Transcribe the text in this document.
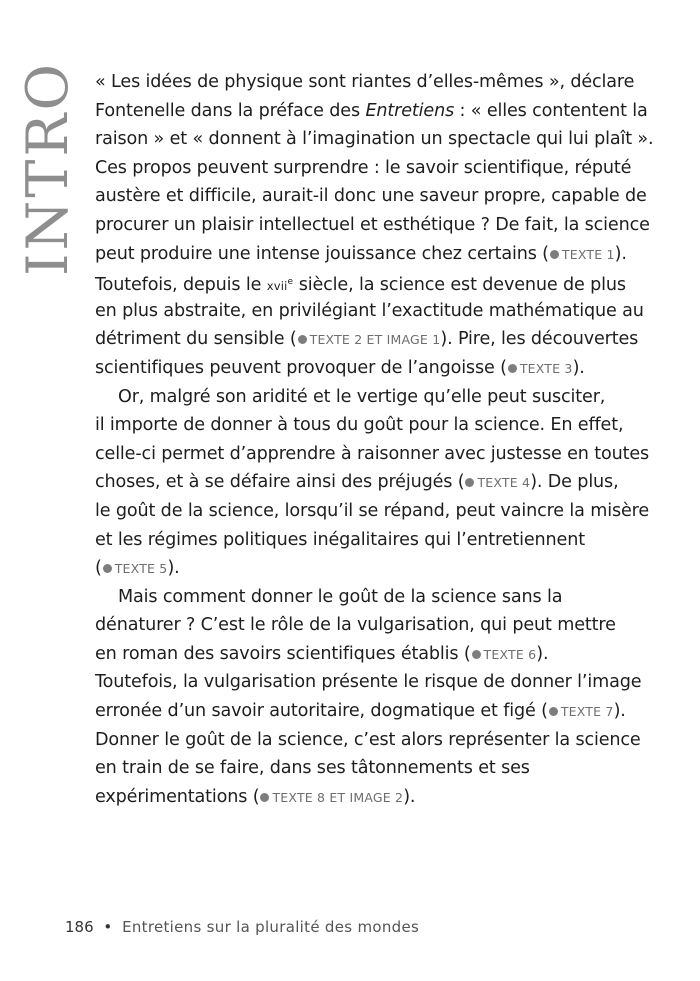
INTRO « Les idées de physique sont riantes d’elles-mêmes », déclare
Fontenelle dans la préface des Entretiens : « elles contentent la
raison » et « donnent à l’imagination un spectacle qui lui plaît ».
Ces propos peuvent surprendre : le savoir scientifique, réputé
austère et difficile, aurait-il donc une saveur propre, capable de
procurer un plaisir intellectuel et esthétique ? De fait, la science
peut produire une intense jouissance chez certains ( TEXTE 1).
Toutefois, depuis le xvii$^e$ siècle, la science est devenue de plus
en plus abstraite, en privilégiant l’exactitude mathématique au
détriment du sensible ( TEXTE 2 ET IMAGE 1). Pire, les découvertes
scientifiques peuvent provoquer de l’angoisse ( TEXTE 3).
Or, malgré son aridité et le vertige qu’elle peut susciter,
il importe de donner à tous du goût pour la science. En effet,
celle-ci permet d’apprendre à raisonner avec justesse en toutes
choses, et à se défaire ainsi des préjugés ( TEXTE 4). De plus,
le goût de la science, lorsqu’il se répand, peut vaincre la misère
et les régimes politiques inégalitaires qui l’entretiennent
( TEXTE 5).
Mais comment donner le goût de la science sans la
dénaturer ? C’est le rôle de la vulgarisation, qui peut mettre
en roman des savoirs scientifiques établis ( TEXTE 6).
Toutefois, la vulgarisation présente le risque de donner l’image
erronée d’un savoir autoritaire, dogmatique et figé ( TEXTE 7).
Donner le goût de la science, c’est alors représenter la science
en train de se faire, dans ses tâtonnements et ses
expérimentations ( TEXTE 8 ET IMAGE 2).
186 • Entretiens sur la pluralité des mondes
